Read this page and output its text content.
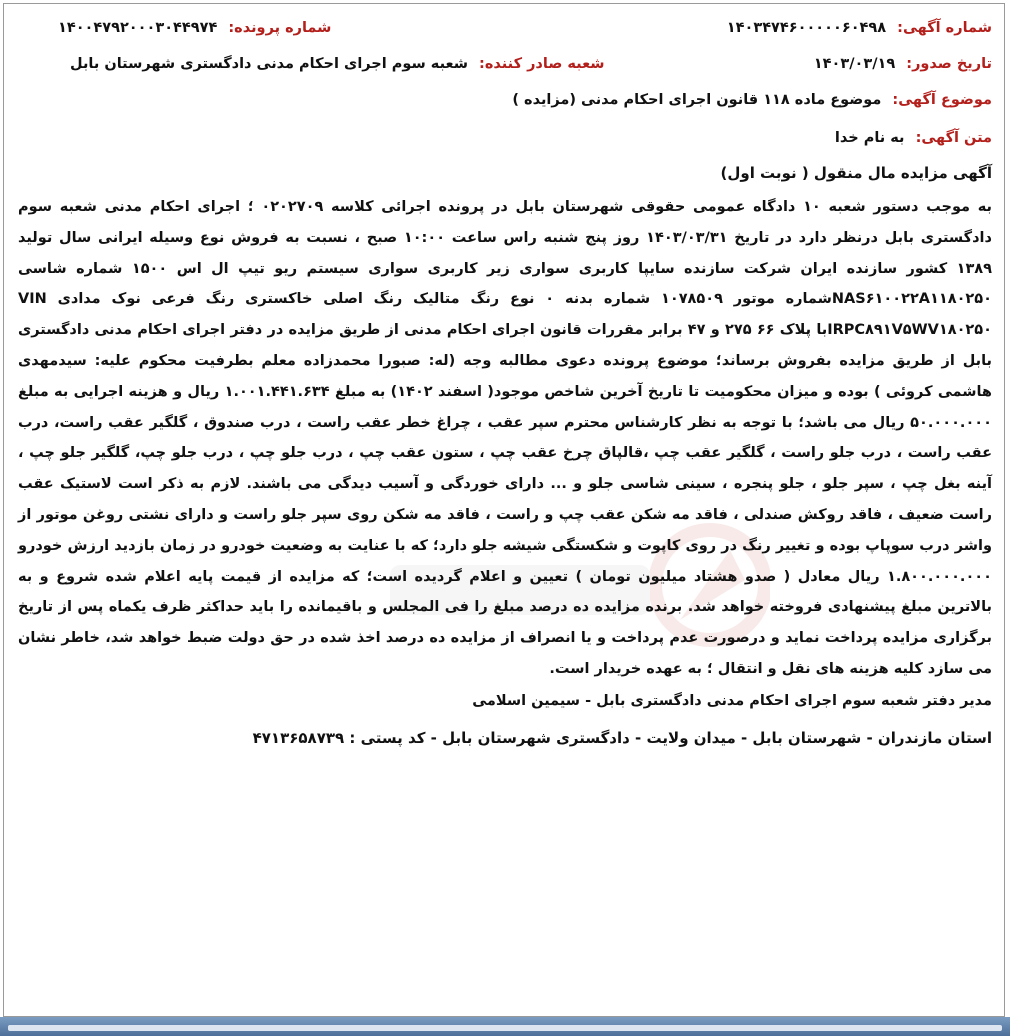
شماره آگهی: ۱۴۰۳۴۷۴۶۰۰۰۰۰۶۰۴۹۸
شماره پرونده: ۱۴۰۰۴۷۹۲۰۰۰۳۰۴۴۹۷۴
تاریخ صدور: ۱۴۰۳/۰۳/۱۹
شعبه صادر کننده: شعبه سوم اجرای احکام مدنی دادگستری شهرستان بابل
موضوع آگهی: موضوع ماده ۱۱۸ قانون اجرای احکام مدنی (مزایده )
متن آگهی: به نام خدا
آگهی مزایده مال منقول ( نوبت اول)
به موجب دستور شعبه ۱۰ دادگاه عمومی حقوقی شهرستان بابل در پرونده اجرائی کلاسه ۰۲۰۲۷۰۹ ؛ اجرای احکام مدنی شعبه سوم دادگستری بابل درنظر دارد در تاریخ ۱۴۰۳/۰۳/۳۱ روز پنج شنبه راس ساعت ۱۰:۰۰ صبح ، نسبت به فروش نوع وسیله ایرانی سال تولید ۱۳۸۹ کشور سازنده ایران شرکت سازنده سایپا کاربری سواری زیر کاربری سواری سیستم ریو تیپ ال اس ۱۵۰۰ شماره شاسی NAS۶۱۰۰۲۲A۱۱۸۰۲۵۰شماره موتور ۱۰۷۸۵۰۹ شماره بدنه ۰ نوع رنگ متالیک رنگ اصلی خاکستری رنگ فرعی نوک مدادی VIN IRPC۸۹۱V۵WV۱۸۰۲۵۰با پلاک ۶۶ ۲۷۵ و ۴۷ برابر مقررات قانون اجرای احکام مدنی از طریق مزایده در دفتر اجرای احکام مدنی دادگستری بابل از طریق مزایده بفروش برساند؛ موضوع پرونده دعوی مطالبه وجه (له: صبورا محمدزاده معلم بطرفیت محکوم علیه: سیدمهدی هاشمی کروئی ) بوده و میزان محکومیت تا تاریخ آخرین شاخص موجود( اسفند ۱۴۰۲) به مبلغ ۱.۰۰۱.۴۴۱.۶۳۴ ریال و هزینه اجرایی به مبلغ ۵۰.۰۰۰.۰۰۰ ریال می باشد؛ با توجه به نظر کارشناس محترم سپر عقب ، چراغ خطر عقب راست ، درب صندوق ، گلگیر عقب راست، درب عقب راست ، درب جلو راست ، گلگیر عقب چپ ،قالپاق چرخ عقب چپ ، ستون عقب چپ ، درب جلو چپ ، درب جلو چپ، گلگیر جلو چپ ، آینه بغل چپ ، سپر جلو ، جلو پنجره ، سینی شاسی جلو و ... دارای خوردگی و آسیب دیدگی می باشند. لازم به ذکر است لاستیک عقب راست ضعیف ، فاقد روکش صندلی ، فاقد مه شکن عقب چپ و راست ، فاقد مه شکن روی سپر جلو راست و دارای نشتی روغن موتور از واشر درب سوپاپ بوده و تغییر رنگ در روی کاپوت و شکستگی شیشه جلو دارد؛ که با عنایت به وضعیت خودرو در زمان بازدید ارزش خودرو ۱.۸۰۰.۰۰۰.۰۰۰ ریال معادل ( صدو هشتاد میلیون تومان ) تعیین و اعلام گردیده است؛ که مزایده از قیمت پایه اعلام شده شروع و به بالاترین مبلغ پیشنهادی فروخته خواهد شد. برنده مزایده ده درصد مبلغ را فی المجلس و باقیمانده را باید حداکثر ظرف یکماه پس از تاریخ برگزاری مزایده پرداخت نماید و درصورت عدم پرداخت و یا انصراف از مزایده ده درصد اخذ شده در حق دولت ضبط خواهد شد، خاطر نشان می سازد کلیه هزینه های نقل و انتقال ؛ به عهده خریدار است.
مدیر دفتر شعبه سوم اجرای احکام مدنی دادگستری بابل - سیمین اسلامی
استان مازندران - شهرستان بابل - میدان ولایت - دادگستری شهرستان بابل - کد پستی : ۴۷۱۳۶۵۸۷۳۹
